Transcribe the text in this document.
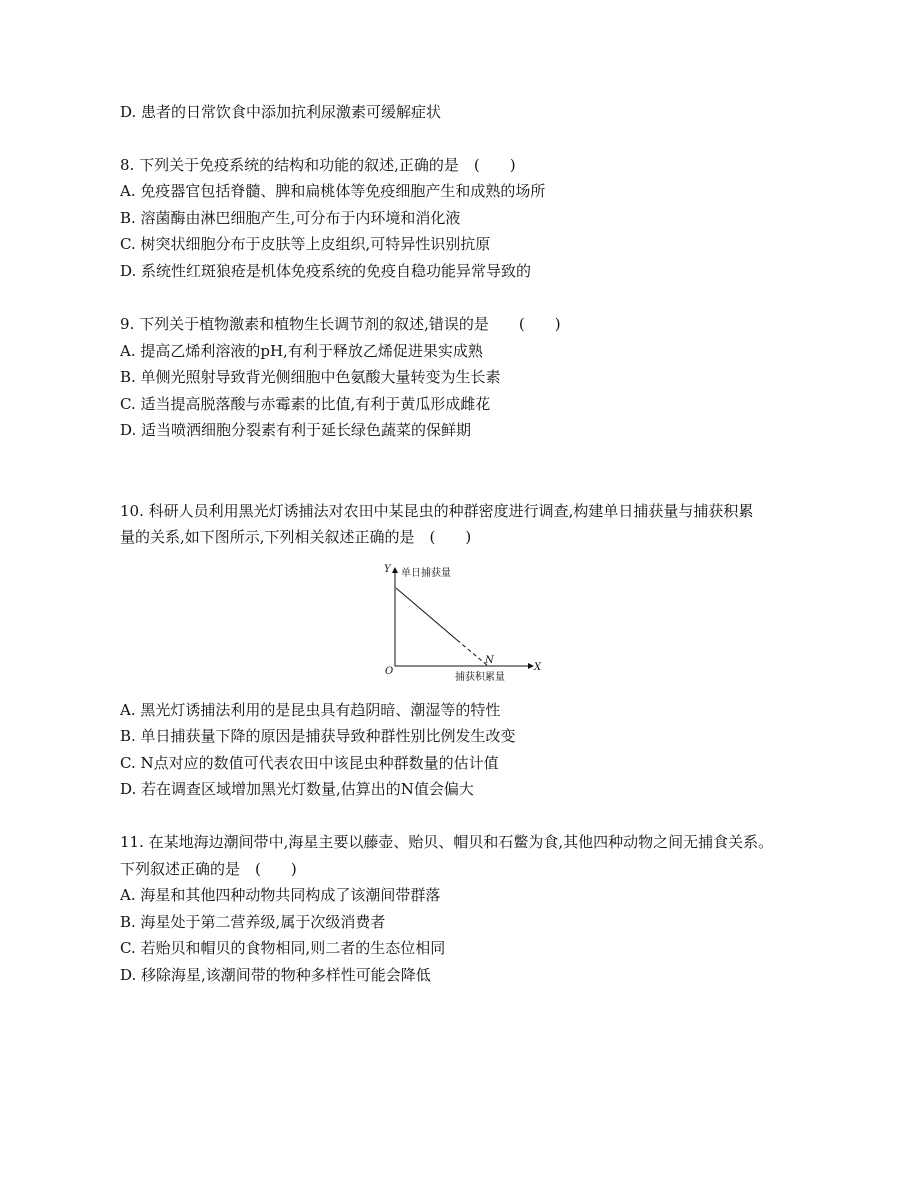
D. 患者的日常饮食中添加抗利尿激素可缓解症状
8. 下列关于免疫系统的结构和功能的叙述,正确的是　(　　)
A. 免疫器官包括脊髓、脾和扁桃体等免疫细胞产生和成熟的场所
B. 溶菌酶由淋巴细胞产生,可分布于内环境和消化液
C. 树突状细胞分布于皮肤等上皮组织,可特异性识别抗原
D. 系统性红斑狼疮是机体免疫系统的免疫自稳功能异常导致的
9. 下列关于植物激素和植物生长调节剂的叙述,错误的是　　(　　)
A. 提高乙烯利溶液的pH,有利于释放乙烯促进果实成熟
B. 单侧光照射导致背光侧细胞中色氨酸大量转变为生长素
C. 适当提高脱落酸与赤霉素的比值,有利于黄瓜形成雌花
D. 适当喷洒细胞分裂素有利于延长绿色蔬菜的保鲜期
10. 科研人员利用黑光灯诱捕法对农田中某昆虫的种群密度进行调查,构建单日捕获量与捕获积累
量的关系,如下图所示,下列相关叙述正确的是　(　　)
Y 单日捕获量
X
捕获积累量
O
N
A. 黑光灯诱捕法利用的是昆虫具有趋阴暗、潮湿等的特性
B. 单日捕获量下降的原因是捕获导致种群性别比例发生改变
C. N点对应的数值可代表农田中该昆虫种群数量的估计值
D. 若在调查区域增加黑光灯数量,估算出的N值会偏大
11. 在某地海边潮间带中,海星主要以藤壶、贻贝、帽贝和石鳖为食,其他四种动物之间无捕食关系。
下列叙述正确的是　(　　)
A. 海星和其他四种动物共同构成了该潮间带群落
B. 海星处于第二营养级,属于次级消费者
C. 若贻贝和帽贝的食物相同,则二者的生态位相同
D. 移除海星,该潮间带的物种多样性可能会降低
